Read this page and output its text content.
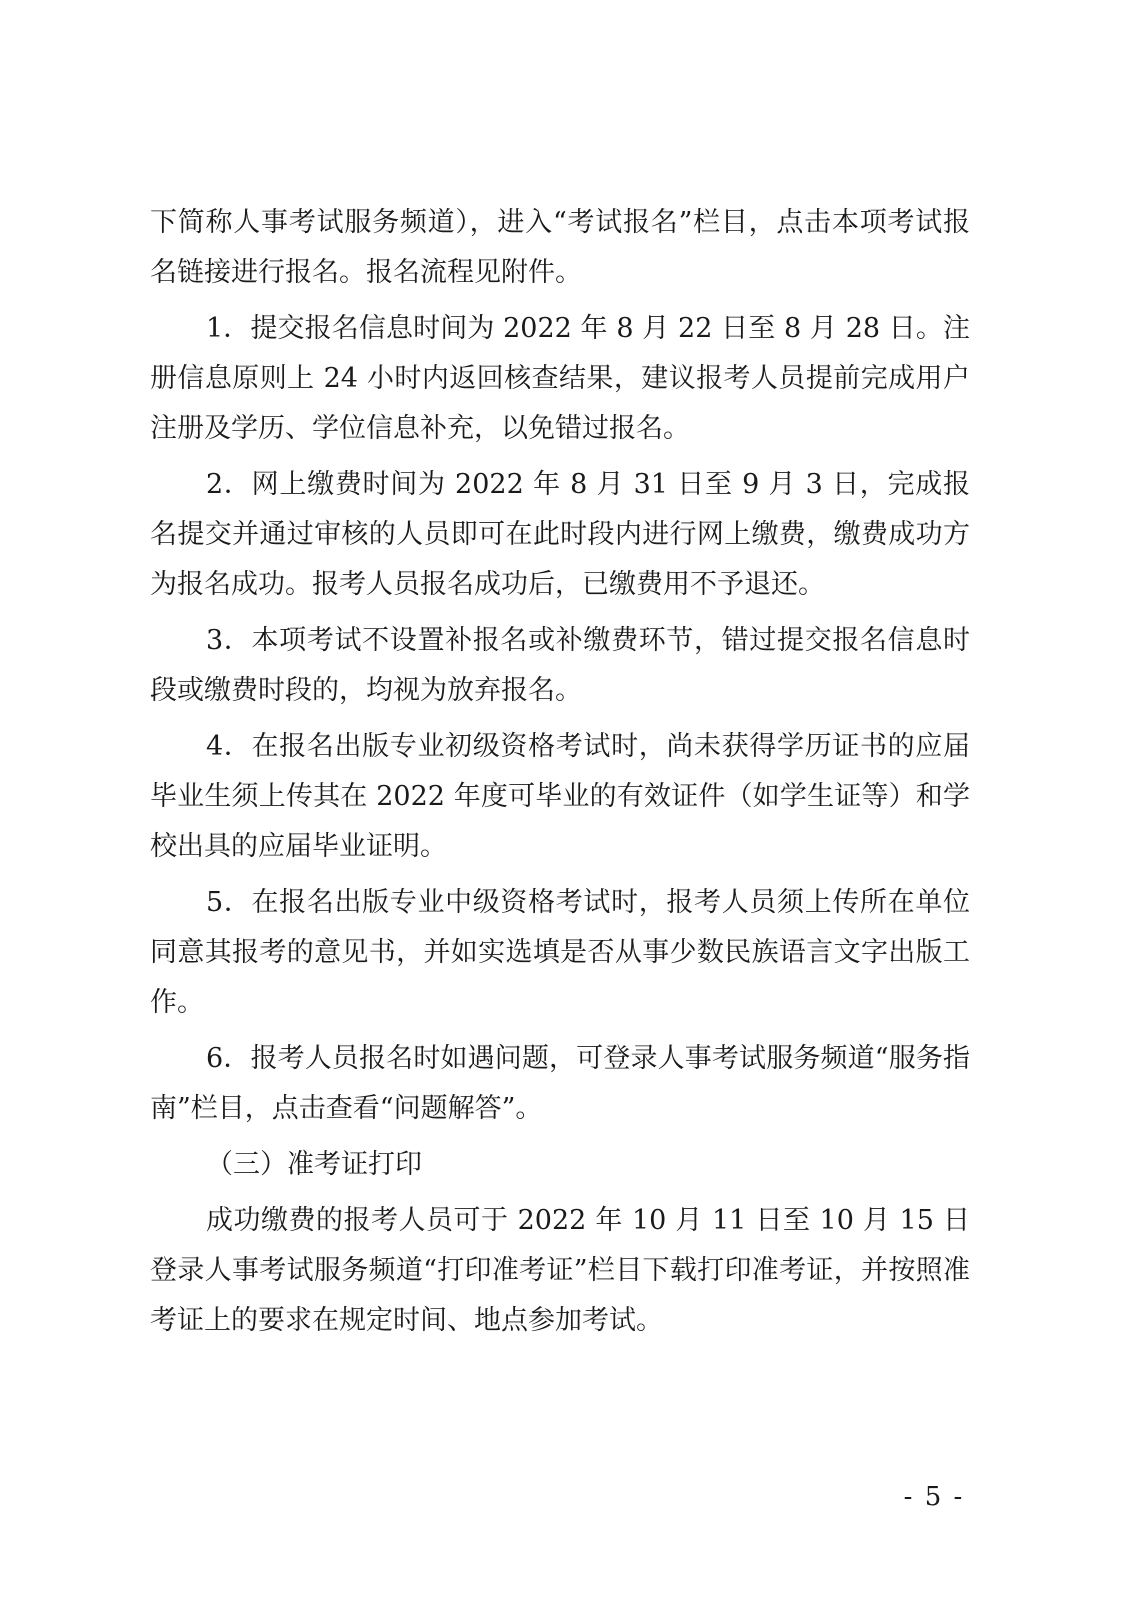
下简称人事考试服务频道），进入“考试报名”栏目，点击本项考试报名链接进行报名。报名流程见附件。

1．提交报名信息时间为 2022 年 8 月 22 日至 8 月 28 日。注册信息原则上 24 小时内返回核查结果，建议报考人员提前完成用户注册及学历、学位信息补充，以免错过报名。

2．网上缴费时间为 2022 年 8 月 31 日至 9 月 3 日，完成报名提交并通过审核的人员即可在此时段内进行网上缴费，缴费成功方为报名成功。报考人员报名成功后，已缴费用不予退还。

3．本项考试不设置补报名或补缴费环节，错过提交报名信息时段或缴费时段的，均视为放弃报名。

4．在报名出版专业初级资格考试时，尚未获得学历证书的应届毕业生须上传其在 2022 年度可毕业的有效证件（如学生证等）和学校出具的应届毕业证明。

5．在报名出版专业中级资格考试时，报考人员须上传所在单位同意其报考的意见书，并如实选填是否从事少数民族语言文字出版工作。

6．报考人员报名时如遇问题，可登录人事考试服务频道“服务指南”栏目，点击查看“问题解答”。

（三）准考证打印

成功缴费的报考人员可于 2022 年 10 月 11 日至 10 月 15 日登录人事考试服务频道“打印准考证”栏目下载打印准考证，并按照准考证上的要求在规定时间、地点参加考试。

- 5 -
